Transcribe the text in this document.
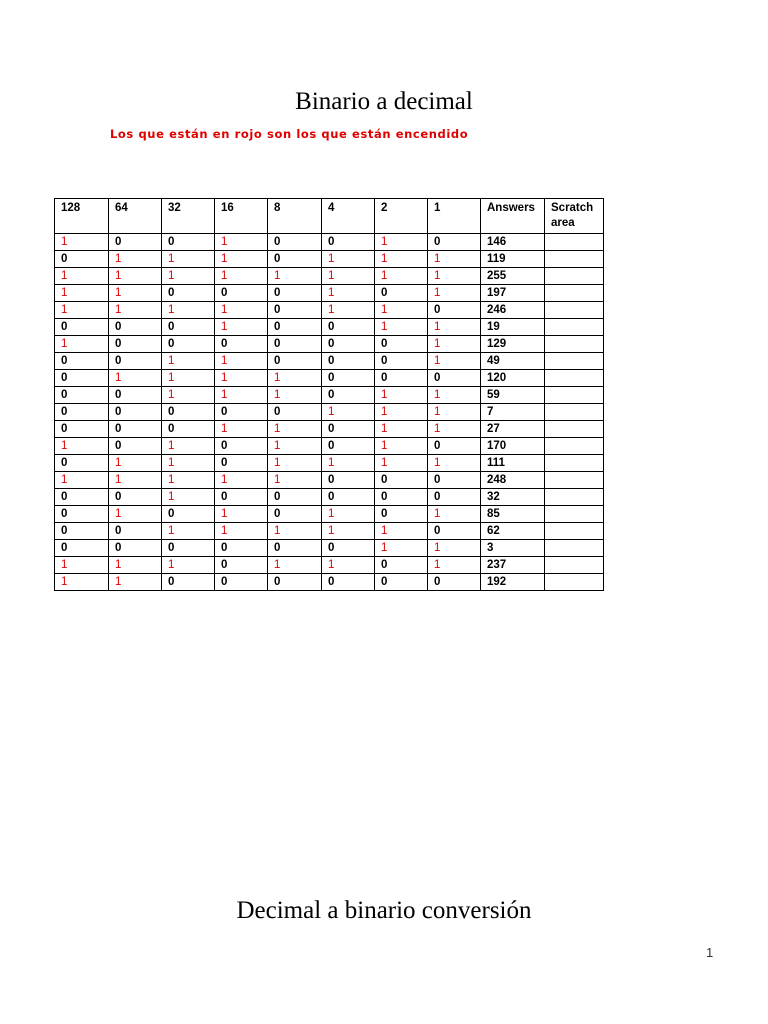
Binario a decimal
Los que están en rojo son los que están encendido
128	64	32	16	8	4	2	1	Answers	Scratch area
1	0	0	1	0	0	1	0	146	
0	1	1	1	0	1	1	1	119	
1	1	1	1	1	1	1	1	255	
1	1	0	0	0	1	0	1	197	
1	1	1	1	0	1	1	0	246	
0	0	0	1	0	0	1	1	19	
1	0	0	0	0	0	0	1	129	
0	0	1	1	0	0	0	1	49	
0	1	1	1	1	0	0	0	120	
0	0	1	1	1	0	1	1	59	
0	0	0	0	0	1	1	1	7	
0	0	0	1	1	0	1	1	27	
1	0	1	0	1	0	1	0	170	
0	1	1	0	1	1	1	1	111	
1	1	1	1	1	0	0	0	248	
0	0	1	0	0	0	0	0	32	
0	1	0	1	0	1	0	1	85	
0	0	1	1	1	1	1	0	62	
0	0	0	0	0	0	1	1	3	
1	1	1	0	1	1	0	1	237	
1	1	0	0	0	0	0	0	192	
Decimal a binario conversión
1
